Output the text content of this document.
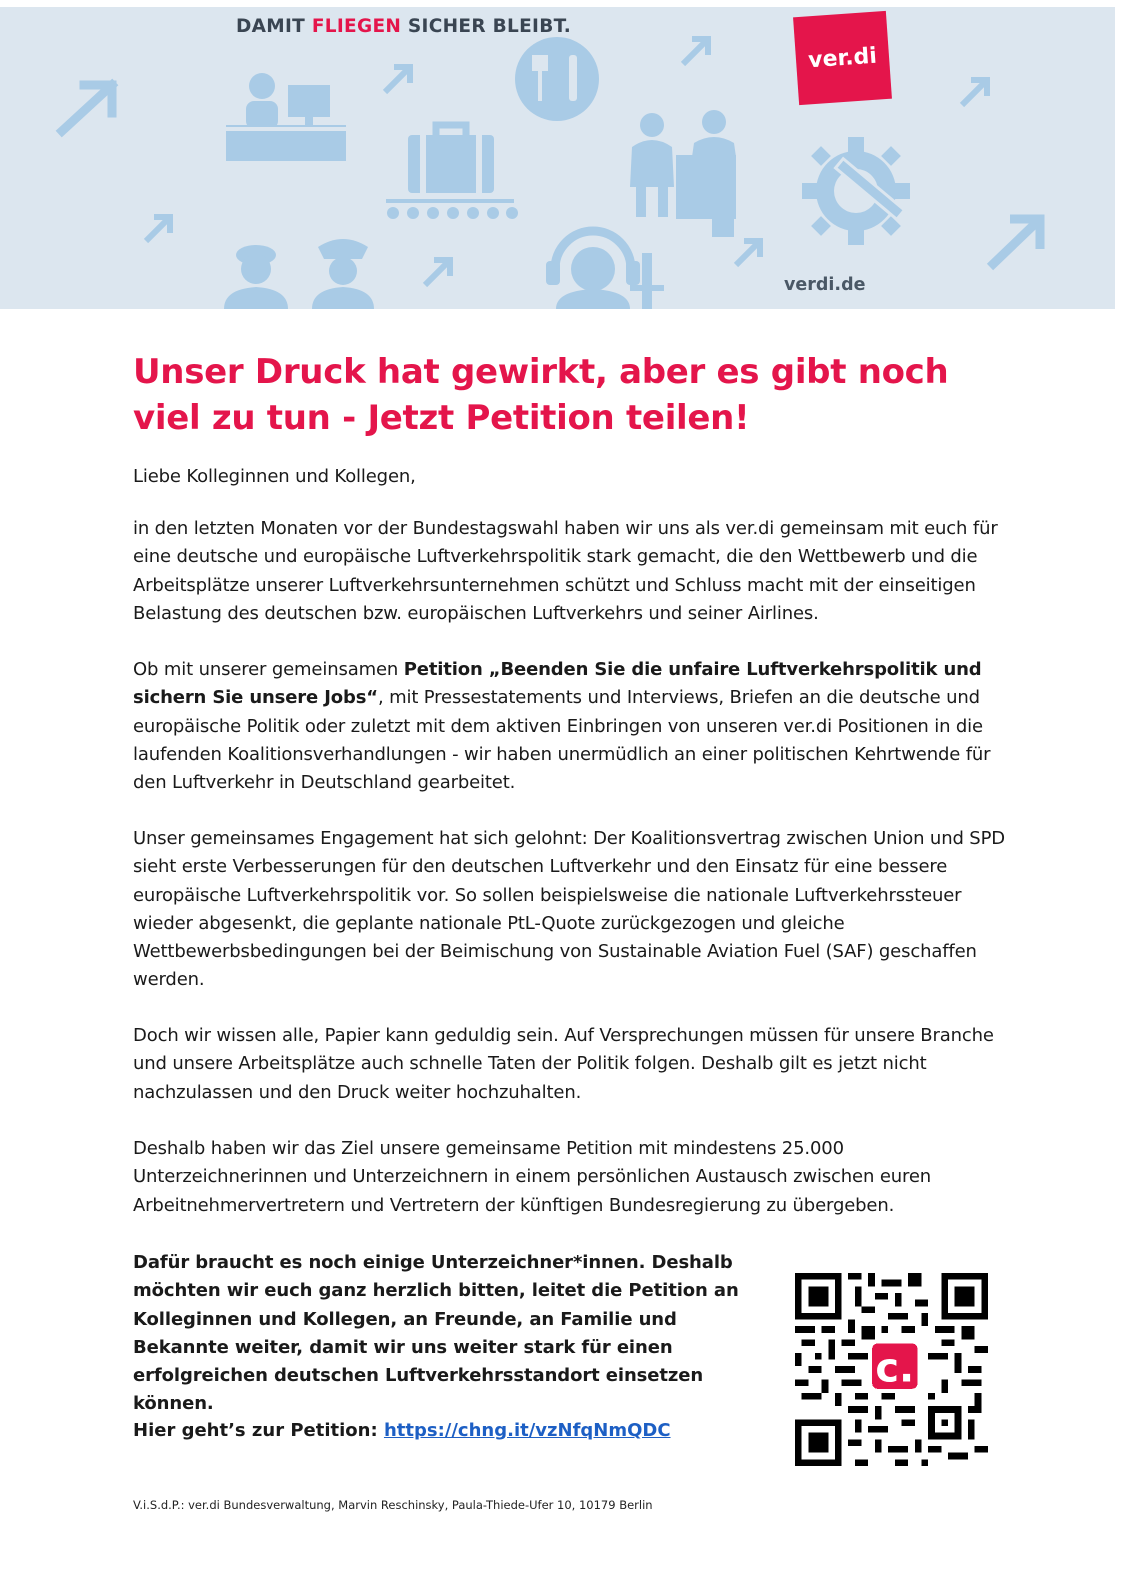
DAMIT FLIEGEN SICHER BLEIBT.
ver.di
verdi.de
Unser Druck hat gewirkt, aber es gibt noch viel zu tun - Jetzt Petition teilen!

Liebe Kolleginnen und Kollegen,

in den letzten Monaten vor der Bundestagswahl haben wir uns als ver.di gemeinsam mit euch für eine deutsche und europäische Luftverkehrspolitik stark gemacht, die den Wettbewerb und die Arbeitsplätze unserer Luftverkehrsunternehmen schützt und Schluss macht mit der einseitigen Belastung des deutschen bzw. europäischen Luftverkehrs und seiner Airlines.

Ob mit unserer gemeinsamen Petition „Beenden Sie die unfaire Luftverkehrspolitik und sichern Sie unsere Jobs“, mit Pressestatements und Interviews, Briefen an die deutsche und europäische Politik oder zuletzt mit dem aktiven Einbringen von unseren ver.di Positionen in die laufenden Koalitionsverhandlungen - wir haben unermüdlich an einer politischen Kehrtwende für den Luftverkehr in Deutschland gearbeitet.

Unser gemeinsames Engagement hat sich gelohnt: Der Koalitionsvertrag zwischen Union und SPD sieht erste Verbesserungen für den deutschen Luftverkehr und den Einsatz für eine bessere europäische Luftverkehrspolitik vor. So sollen beispielsweise die nationale Luftverkehrssteuer wieder abgesenkt, die geplante nationale PtL-Quote zurückgezogen und gleiche Wettbewerbsbedingungen bei der Beimischung von Sustainable Aviation Fuel (SAF) geschaffen werden.

Doch wir wissen alle, Papier kann geduldig sein. Auf Versprechungen müssen für unsere Branche und unsere Arbeitsplätze auch schnelle Taten der Politik folgen. Deshalb gilt es jetzt nicht nachzulassen und den Druck weiter hochzuhalten.

Deshalb haben wir das Ziel unsere gemeinsame Petition mit mindestens 25.000 Unterzeichnerinnen und Unterzeichnern in einem persönlichen Austausch zwischen euren Arbeitnehmervertretern und Vertretern der künftigen Bundesregierung zu übergeben.

Dafür braucht es noch einige Unterzeichner*innen. Deshalb möchten wir euch ganz herzlich bitten, leitet die Petition an Kolleginnen und Kollegen, an Freunde, an Familie und Bekannte weiter, damit wir uns weiter stark für einen erfolgreichen deutschen Luftverkehrsstandort einsetzen können.

Hier geht’s zur Petition: https://chng.it/vzNfqNmQDC

c.
V.i.S.d.P.: ver.di Bundesverwaltung, Marvin Reschinsky, Paula-Thiede-Ufer 10, 10179 Berlin
